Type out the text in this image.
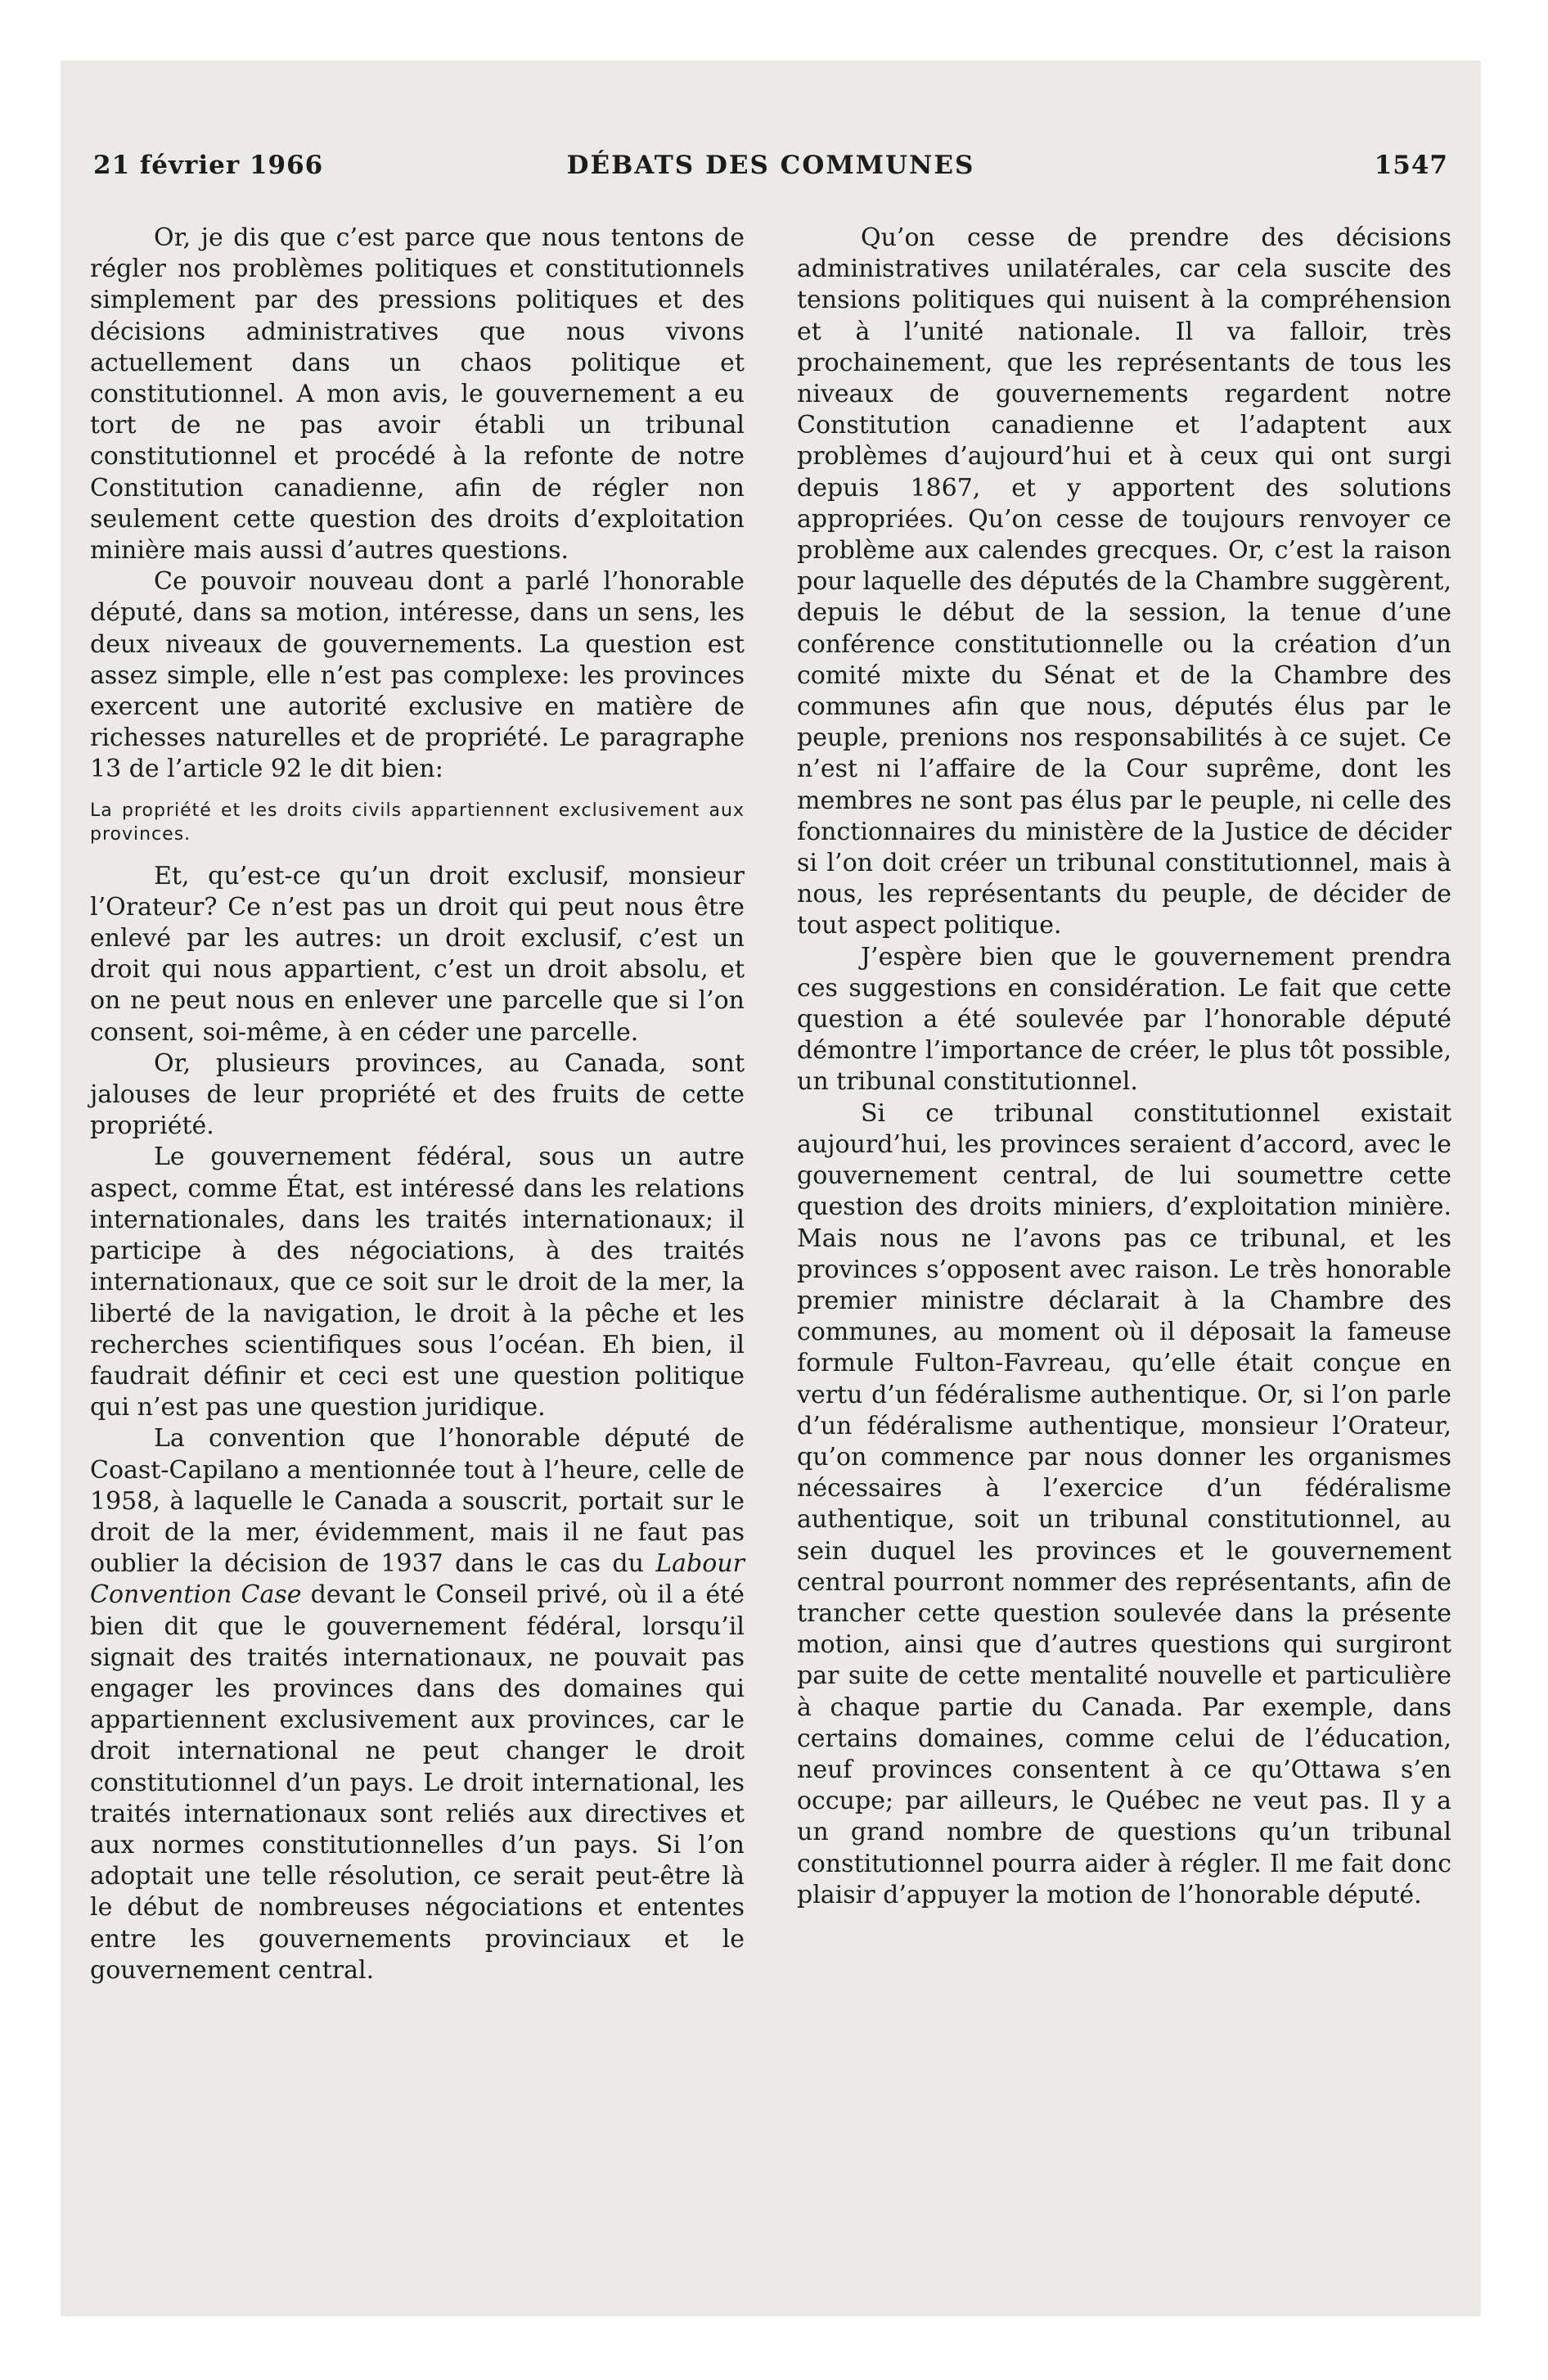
21 février 1966	DÉBATS DES COMMUNES	1547

Or, je dis que c’est parce que nous tentons de régler nos problèmes politiques et constitutionnels simplement par des pressions politiques et des décisions administratives que nous vivons actuellement dans un chaos politique et constitutionnel. A mon avis, le gouvernement a eu tort de ne pas avoir établi un tribunal constitutionnel et procédé à la refonte de notre Constitution canadienne, afin de régler non seulement cette question des droits d’exploitation minière mais aussi d’autres questions.

Ce pouvoir nouveau dont a parlé l’honorable député, dans sa motion, intéresse, dans un sens, les deux niveaux de gouvernements. La question est assez simple, elle n’est pas complexe: les provinces exercent une autorité exclusive en matière de richesses naturelles et de propriété. Le paragraphe 13 de l’article 92 le dit bien:

La propriété et les droits civils appartiennent exclusivement aux provinces.

Et, qu’est-ce qu’un droit exclusif, monsieur l’Orateur? Ce n’est pas un droit qui peut nous être enlevé par les autres: un droit exclusif, c’est un droit qui nous appartient, c’est un droit absolu, et on ne peut nous en enlever une parcelle que si l’on consent, soi-même, à en céder une parcelle.

Or, plusieurs provinces, au Canada, sont jalouses de leur propriété et des fruits de cette propriété.

Le gouvernement fédéral, sous un autre aspect, comme État, est intéressé dans les relations internationales, dans les traités internationaux; il participe à des négociations, à des traités internationaux, que ce soit sur le droit de la mer, la liberté de la navigation, le droit à la pêche et les recherches scientifiques sous l’océan. Eh bien, il faudrait définir et ceci est une question politique qui n’est pas une question juridique.

La convention que l’honorable député de Coast-Capilano a mentionnée tout à l’heure, celle de 1958, à laquelle le Canada a souscrit, portait sur le droit de la mer, évidemment, mais il ne faut pas oublier la décision de 1937 dans le cas du Labour Convention Case devant le Conseil privé, où il a été bien dit que le gouvernement fédéral, lorsqu’il signait des traités internationaux, ne pouvait pas engager les provinces dans des domaines qui appartiennent exclusivement aux provinces, car le droit international ne peut changer le droit constitutionnel d’un pays. Le droit international, les traités internationaux sont reliés aux directives et aux normes constitutionnelles d’un pays. Si l’on adoptait une telle résolution, ce serait peut-être là le début de nombreuses négociations et ententes entre les gouvernements provinciaux et le gouvernement central.

Qu’on cesse de prendre des décisions administratives unilatérales, car cela suscite des tensions politiques qui nuisent à la compréhension et à l’unité nationale. Il va falloir, très prochainement, que les représentants de tous les niveaux de gouvernements regardent notre Constitution canadienne et l’adaptent aux problèmes d’aujourd’hui et à ceux qui ont surgi depuis 1867, et y apportent des solutions appropriées. Qu’on cesse de toujours renvoyer ce problème aux calendes grecques. Or, c’est la raison pour laquelle des députés de la Chambre suggèrent, depuis le début de la session, la tenue d’une conférence constitutionnelle ou la création d’un comité mixte du Sénat et de la Chambre des communes afin que nous, députés élus par le peuple, prenions nos responsabilités à ce sujet. Ce n’est ni l’affaire de la Cour suprême, dont les membres ne sont pas élus par le peuple, ni celle des fonctionnaires du ministère de la Justice de décider si l’on doit créer un tribunal constitutionnel, mais à nous, les représentants du peuple, de décider de tout aspect politique.

J’espère bien que le gouvernement prendra ces suggestions en considération. Le fait que cette question a été soulevée par l’honorable député démontre l’importance de créer, le plus tôt possible, un tribunal constitutionnel.

Si ce tribunal constitutionnel existait aujourd’hui, les provinces seraient d’accord, avec le gouvernement central, de lui soumettre cette question des droits miniers, d’exploitation minière. Mais nous ne l’avons pas ce tribunal, et les provinces s’opposent avec raison. Le très honorable premier ministre déclarait à la Chambre des communes, au moment où il déposait la fameuse formule Fulton-Favreau, qu’elle était conçue en vertu d’un fédéralisme authentique. Or, si l’on parle d’un fédéralisme authentique, monsieur l’Orateur, qu’on commence par nous donner les organismes nécessaires à l’exercice d’un fédéralisme authentique, soit un tribunal constitutionnel, au sein duquel les provinces et le gouvernement central pourront nommer des représentants, afin de trancher cette question soulevée dans la présente motion, ainsi que d’autres questions qui surgiront par suite de cette mentalité nouvelle et particulière à chaque partie du Canada. Par exemple, dans certains domaines, comme celui de l’éducation, neuf provinces consentent à ce qu’Ottawa s’en occupe; par ailleurs, le Québec ne veut pas. Il y a un grand nombre de questions qu’un tribunal constitutionnel pourra aider à régler. Il me fait donc plaisir d’appuyer la motion de l’honorable député.
